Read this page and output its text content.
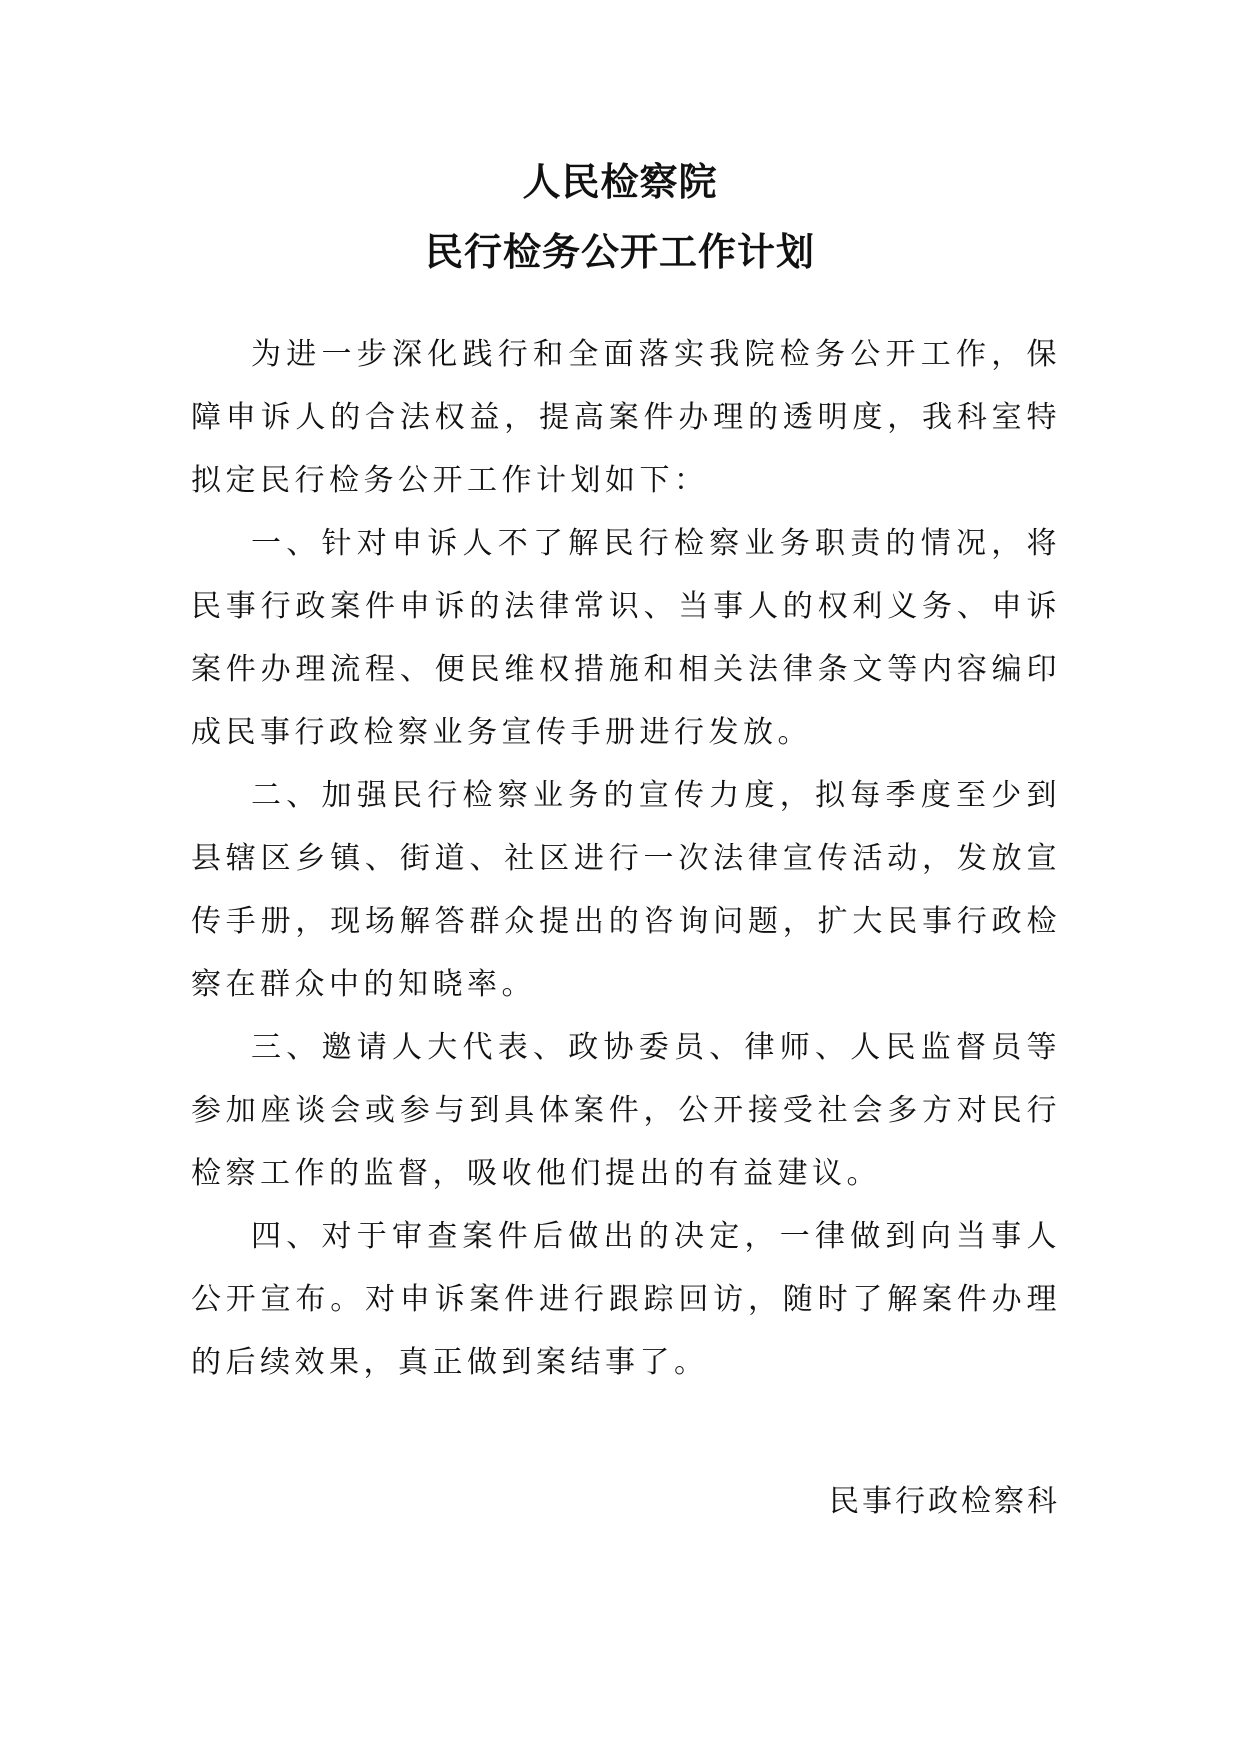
人民检察院
民行检务公开工作计划

为进一步深化践行和全面落实我院检务公开工作，保障申诉人的合法权益，提高案件办理的透明度，我科室特拟定民行检务公开工作计划如下：

一、针对申诉人不了解民行检察业务职责的情况，将民事行政案件申诉的法律常识、当事人的权利义务、申诉案件办理流程、便民维权措施和相关法律条文等内容编印成民事行政检察业务宣传手册进行发放。

二、加强民行检察业务的宣传力度，拟每季度至少到县辖区乡镇、街道、社区进行一次法律宣传活动，发放宣传手册，现场解答群众提出的咨询问题，扩大民事行政检察在群众中的知晓率。

三、邀请人大代表、政协委员、律师、人民监督员等参加座谈会或参与到具体案件，公开接受社会多方对民行检察工作的监督，吸收他们提出的有益建议。

四、对于审查案件后做出的决定，一律做到向当事人公开宣布。对申诉案件进行跟踪回访，随时了解案件办理的后续效果，真正做到案结事了。

民事行政检察科
